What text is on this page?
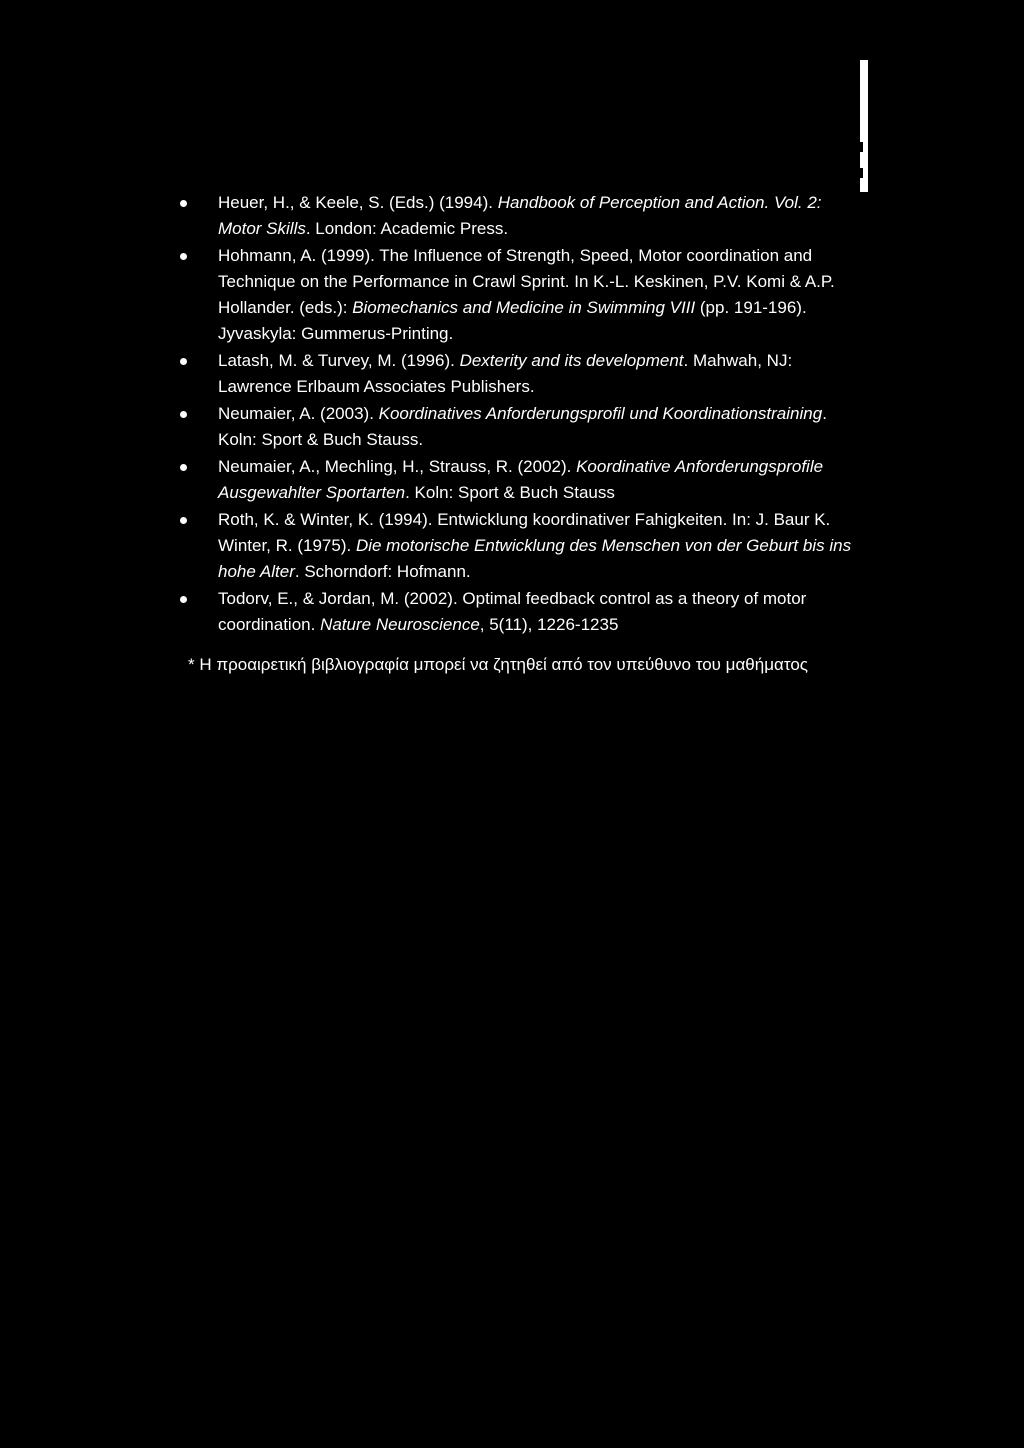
Heuer, H., & Keele, S. (Eds.) (1994). Handbook of Perception and Action. Vol. 2: Motor Skills. London: Academic Press.
Hohmann, A. (1999). The Influence of Strength, Speed, Motor coordination and Technique on the Performance in Crawl Sprint. In K.-L. Keskinen, P.V. Komi & A.P. Hollander. (eds.): Biomechanics and Medicine in Swimming VIII (pp. 191-196). Jyvaskyla: Gummerus-Printing.
Latash, M. & Turvey, M. (1996). Dexterity and its development. Mahwah, NJ: Lawrence Erlbaum Associates Publishers.
Neumaier, A. (2003). Koordinatives Anforderungsprofil und Koordinationstraining. Koln: Sport & Buch Stauss.
Neumaier, A., Mechling, H., Strauss, R. (2002). Koordinative Anforderungsprofile Ausgewahlter Sportarten. Koln: Sport & Buch Stauss
Roth, K. & Winter, K. (1994). Entwicklung koordinativer Fahigkeiten. In: J. Baur K. Winter, R. (1975). Die motorische Entwicklung des Menschen von der Geburt bis ins hohe Alter. Schorndorf: Hofmann.
Todorv, E., & Jordan, M. (2002). Optimal feedback control as a theory of motor coordination. Nature Neuroscience, 5(11), 1226-1235

* Η προαιρετική βιβλιογραφία μπορεί να ζητηθεί από τον υπεύθυνο του μαθήματος
